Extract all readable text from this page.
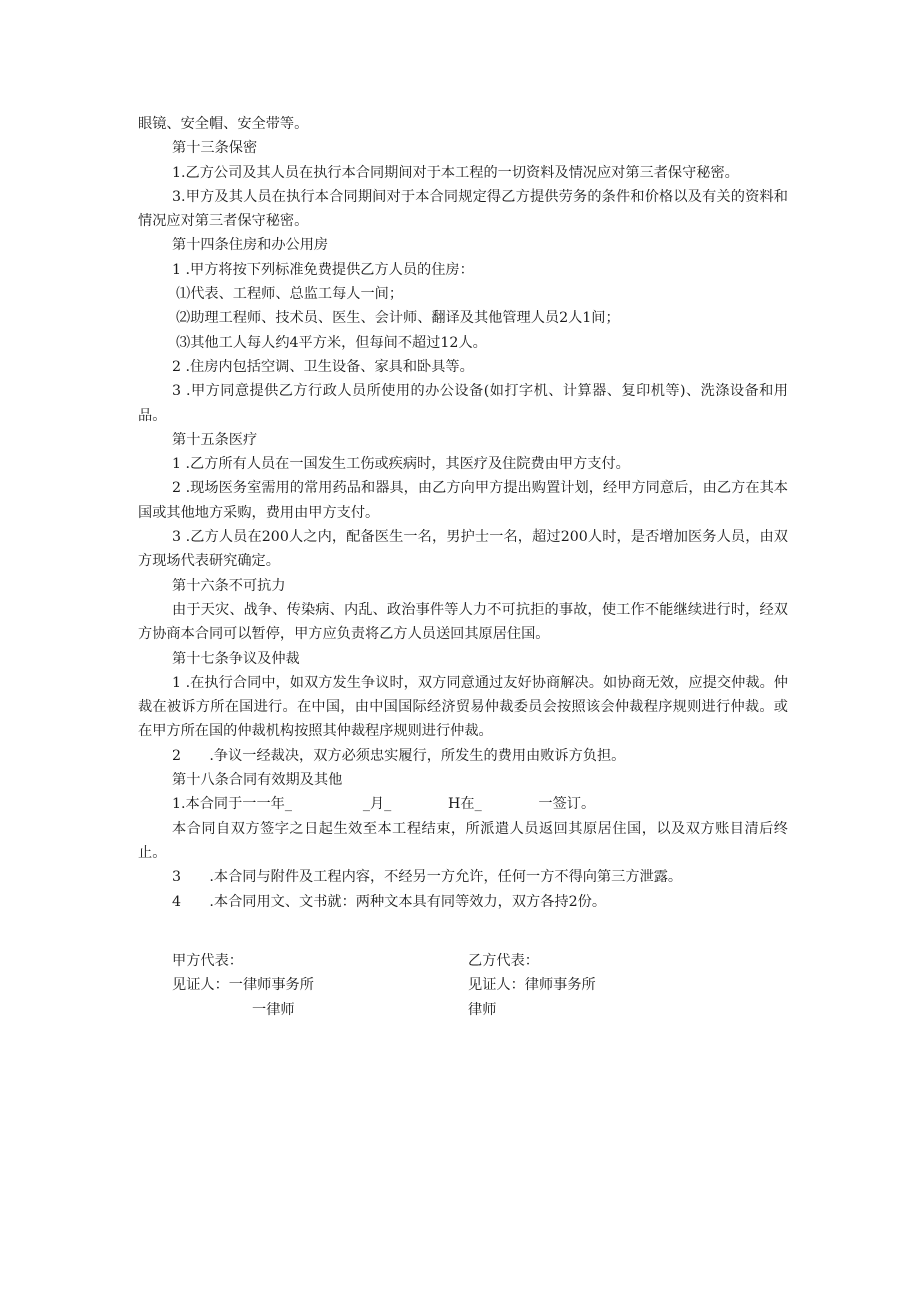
眼镜、安全帽、安全带等。

第十三条保密

1.乙方公司及其人员在执行本合同期间对于本工程的一切资料及情况应对第三者保守秘密。

3.甲方及其人员在执行本合同期间对于本合同规定得乙方提供劳务的条件和价格以及有关的资料和情况应对第三者保守秘密。

第十四条住房和办公用房

1 .甲方将按下列标准免费提供乙方人员的住房：

⑴代表、工程师、总监工每人一间；

⑵助理工程师、技术员、医生、会计师、翻译及其他管理人员2人1间；

⑶其他工人每人约4平方米，但每间不超过12人。

2 .住房内包括空调、卫生设备、家具和卧具等。

3 .甲方同意提供乙方行政人员所使用的办公设备(如打字机、计算器、复印机等)、洗涤设备和用品。

第十五条医疗

1 .乙方所有人员在一国发生工伤或疾病时，其医疗及住院费由甲方支付。

2 .现场医务室需用的常用药品和器具，由乙方向甲方提出购置计划，经甲方同意后，由乙方在其本国或其他地方采购，费用由甲方支付。

3 .乙方人员在200人之内，配备医生一名，男护士一名，超过200人时，是否增加医务人员，由双方现场代表研究确定。

第十六条不可抗力

由于天灾、战争、传染病、内乱、政治事件等人力不可抗拒的事故，使工作不能继续进行时，经双方协商本合同可以暂停，甲方应负责将乙方人员送回其原居住国。

第十七条争议及仲裁

1 .在执行合同中，如双方发生争议时，双方同意通过友好协商解决。如协商无效，应提交仲裁。仲裁在被诉方所在国进行。在中国，由中国国际经济贸易仲裁委员会按照该会仲裁程序规则进行仲裁。或在甲方所在国的仲裁机构按照其仲裁程序规则进行仲裁。

2　　.争议一经裁决，双方必须忠实履行，所发生的费用由败诉方负担。

第十八条合同有效期及其他

1.本合同于一一年_　　　　　_月_　　　　H在_　　　　一签订。

本合同自双方签字之日起生效至本工程结束，所派遣人员返回其原居住国，以及双方账目清后终止。

3　　.本合同与附件及工程内容，不经另一方允许，任何一方不得向第三方泄露。

4　　.本合同用文、文书就：两种文本具有同等效力，双方各持2份。

甲方代表：	乙方代表：
见证人：一律师事务所	见证人：律师事务所
一律师	律师
